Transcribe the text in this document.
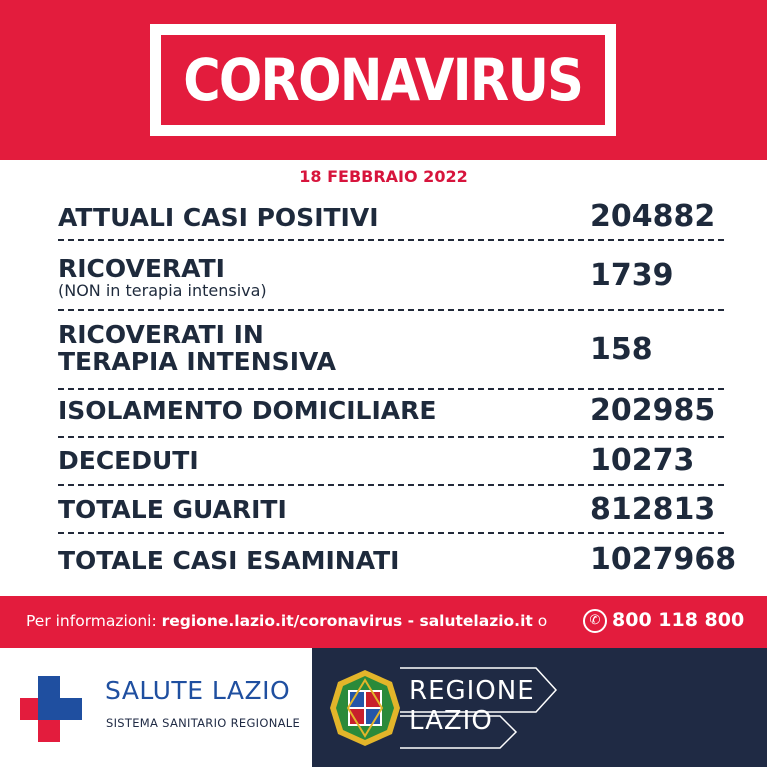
CORONAVIRUS
18 FEBBRAIO 2022
ATTUALI CASI POSITIVI	204882
RICOVERATI
(NON in terapia intensiva)	1739
RICOVERATI IN
TERAPIA INTENSIVA	158
ISOLAMENTO DOMICILIARE	202985
DECEDUTI	10273
TOTALE GUARITI	812813
TOTALE CASI ESAMINATI	1027968
Per informazioni: regione.lazio.it/coronavirus - salutelazio.it o	✆ 800 118 800
SALUTE LAZIO
SISTEMA SANITARIO REGIONALE
REGIONE
LAZIO
